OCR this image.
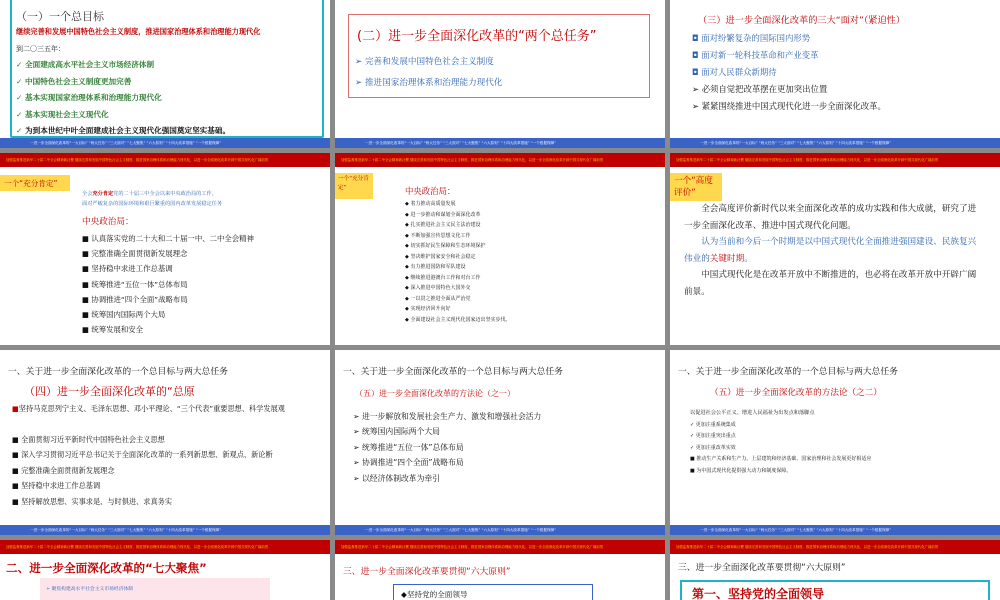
（一）一个总目标
继续完善和发展中国特色社会主义制度，推进国家治理体系和治理能力现代化
到二〇三五年：
✓ 全面建成高水平社会主义市场经济体制
✓ 中国特色社会主义制度更加完善
✓ 基本实现国家治理体系和治理能力现代化
✓ 基本实现社会主义现代化
✓ 为到本世纪中叶全面建成社会主义现代化强国奠定坚实基础。
一进一步全面深化改革的“一大目标” “两大任务” “三大面对” “七大聚焦” “六大原则” “十四大改革措施” “一个根据保障”
(二）进一步全面深化改革的“两个总任务”
➢ 完善和发展中国特色社会主义制度
➢ 推进国家治理体系和治理能力现代化
一进一步全面深化改革的“一大目标” “两大任务” “三大面对” “七大聚焦” “六大原则” “十四大改革措施” “一个根据保障”
（三）进一步全面深化改革的三大“面对”（紧迫性）
◘ 面对纷繁复杂的国际国内形势
◘ 面对新一轮科技革命和产业变革
◘ 面对人民群众新期待
➢ 必须自觉把改革摆在更加突出位置
➢ 紧紧围绕推进中国式现代化进一步全面深化改革。
一进一步全面深化改革的“一大目标” “两大任务” “三大面对” “七大聚焦” “六大原则” “十四大改革措施” “一个根据保障”
加强监督推进新华二十届二中全会精神新社稷 继续完善和发展中国特色社会主义制度、推进国家治理体系和治理能力现代化，以进一步全面深化改革开辟中国式现代化广阔前景
一个“充分肯定”
全会充分肯定党的二十届三中全会以来中央政治局的工作。
面对严峻复杂的国际环境和艰巨繁重的国内改革发展稳定任务
中央政治局：
■ 认真落实党的二十大和二十届一中、二中全会精神
■ 完整准确全面贯彻新发展理念
■ 坚持稳中求进工作总基调
■ 统筹推进“五位一体”总体布局
■ 协调推进“四个全面”战略布局
■ 统筹国内国际两个大局
■ 统筹发展和安全
加强监督推进新华二十届二中全会精神新社稷 继续完善和发展中国特色社会主义制度、推进国家治理体系和治理能力现代化，以进一步全面深化改革开辟中国式现代化广阔前景
一个“充分肯定”	中央政治局：
◆ 着力推动高质量发展
◆ 进一步推动和谋划全面深化改革
◆ 扎实推进社会主义民主法治建设
◆ 不断加强宣传思想文化工作
◆ 切实抓好民生保障和生态环境保护
◆ 坚决维护国家安全和社会稳定
◆ 有力推进国防和军队建设
◆ 继续推进港澳台工作和对台工作
◆ 深入推进中国特色大国外交
◆ 一以贯之推进全面从严治党
◆ 实现经济回升向好
◆ 全面建设社会主义现代化国家迈出坚实步伐。
加强监督推进新华二十届二中全会精神新社稷 继续完善和发展中国特色社会主义制度、推进国家治理体系和治理能力现代化，以进一步全面深化改革开辟中国式现代化广阔前景
一个“高度评价”
全会高度评价新时代以来全面深化改革的成功实践和伟大成就，研究了进一步全面深化改革、推进中国式现代化问题。
认为当前和今后一个时期是以中国式现代化全面推进强国建设、民族复兴伟业的关键时期。
中国式现代化是在改革开放中不断推进的，也必将在改革开放中开辟广阔前景。
一、关于进一步全面深化改革的一个总目标与两大总任务
（四）进一步全面深化改革的“总原
■坚持马克思列宁主义、毛泽东思想、邓小平理论、“三个代表”重要思想、科学发展观
■ 全面贯彻习近平新时代中国特色社会主义思想
■ 深入学习贯彻习近平总书记关于全面深化改革的一系列新思想、新观点、新论断
■ 完整准确全面贯彻新发展理念
■ 坚持稳中求进工作总基调
■ 坚持解放思想、实事求是、与时俱进、求真务实
一进一步全面深化改革的“一大目标” “两大任务” “三大面对” “七大聚焦” “六大原则” “十四大改革措施” “一个根据保障”
一、关于进一步全面深化改革的一个总目标与两大总任务
（五）进一步全面深化改革的方法论（之一）
➢ 进一步解放和发展社会生产力、激发和增强社会活力
➢ 统筹国内国际两个大局
➢ 统筹推进“五位一体”总体布局
➢ 协调推进“四个全面”战略布局
➢ 以经济体制改革为牵引
一进一步全面深化改革的“一大目标” “两大任务” “三大面对” “七大聚焦” “六大原则” “十四大改革措施” “一个根据保障”
一、关于进一步全面深化改革的一个总目标与两大总任务
（五）进一步全面深化改革的方法论（之二）
以促进社会公平正义、增进人民福祉为出发点和落脚点
✓ 更加注重系统集成
✓ 更加注重突出重点
✓ 更加注重改革实效
■ 推动生产关系和生产力、上层建筑和经济基础、国家治理和社会发展更好相适应
■ 为中国式现代化提供强大动力和制度保障。
一进一步全面深化改革的“一大目标” “两大任务” “三大面对” “七大聚焦” “六大原则” “十四大改革措施” “一个根据保障”
加强监督推进新华二十届二中全会精神新社稷 继续完善和发展中国特色社会主义制度、推进国家治理体系和治理能力现代化，以进一步全面深化改革开辟中国式现代化广阔前景
二、进一步全面深化改革的“七大聚焦”
➢ 聚焦构建高水平社会主义市场经济体制
加强监督推进新华二十届二中全会精神新社稷 继续完善和发展中国特色社会主义制度、推进国家治理体系和治理能力现代化，以进一步全面深化改革开辟中国式现代化广阔前景
三、进一步全面深化改革要贯彻“六大原则”
◆坚持党的全面领导
加强监督推进新华二十届二中全会精神新社稷 继续完善和发展中国特色社会主义制度、推进国家治理体系和治理能力现代化，以进一步全面深化改革开辟中国式现代化广阔前景
三、进一步全面深化改革要贯彻“六大原则”
第一、坚持党的全面领导
